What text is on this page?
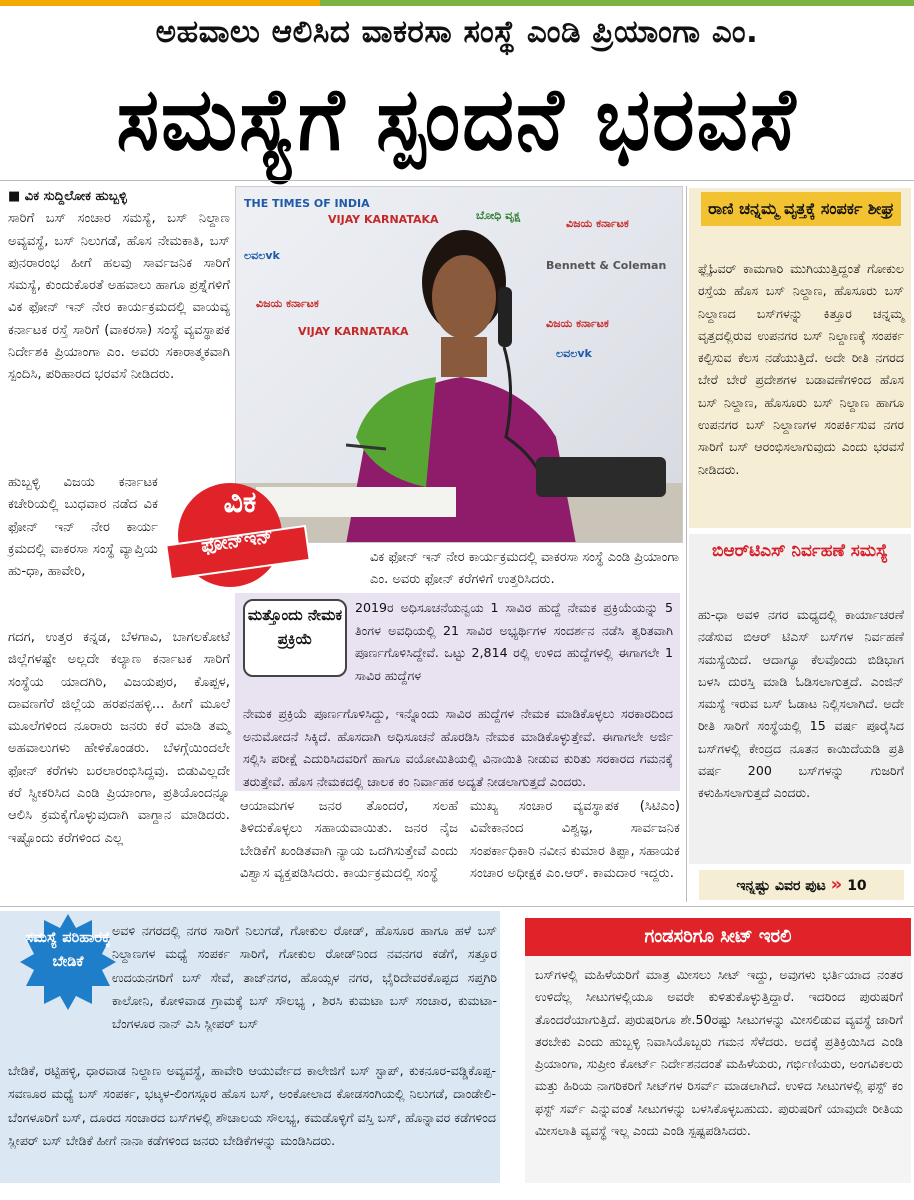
ಅಹವಾಲು ಆಲಿಸಿದ ವಾಕರಸಾ ಸಂಸ್ಥೆ ಎಂಡಿ ಪ್ರಿಯಾಂಗಾ ಎಂ.
ಸಮಸ್ಯೆಗೆ ಸ್ಪಂದನೆ ಭರವಸೆ
■ ವಿಕ ಸುದ್ದಿಲೋಕ ಹುಬ್ಬಳ್ಳಿ

ಸಾರಿಗೆ ಬಸ್ ಸಂಚಾರ ಸಮಸ್ಯೆ, ಬಸ್ ನಿಲ್ದಾಣ ಅವ್ಯವಸ್ಥೆ, ಬಸ್ ನಿಲುಗಡೆ, ಹೊಸ ನೇಮಕಾತಿ, ಬಸ್ ಪುನರಾರಂಭ ಹೀಗೆ ಹಲವು ಸಾರ್ವಜನಿಕ ಸಾರಿಗೆ ಸಮಸ್ಯೆ, ಕುಂದುಕೊರತೆ ಅಹವಾಲು ಹಾಗೂ ಪ್ರಶ್ನೆಗಳಿಗೆ ವಿಕ ಫೋನ್ ಇನ್ ನೇರ ಕಾರ್ಯಕ್ರಮದಲ್ಲಿ ವಾಯವ್ಯ ಕರ್ನಾಟಕ ರಸ್ತೆ ಸಾರಿಗೆ (ವಾಕರಸಾ) ಸಂಸ್ಥೆ ವ್ಯವಸ್ಥಾಪಕ ನಿರ್ದೇಶಕಿ ಪ್ರಿಯಾಂಗಾ ಎಂ. ಅವರು ಸಕಾರಾತ್ಮಕವಾಗಿ ಸ್ಪಂದಿಸಿ, ಪರಿಹಾರದ ಭರವಸೆ ನೀಡಿದರು.

ಹುಬ್ಬಳ್ಳಿ ವಿಜಯ ಕರ್ನಾಟಕ ಕಚೇರಿಯಲ್ಲಿ ಬುಧವಾರ ನಡೆದ ವಿಕ ಫೋನ್ ಇನ್ ನೇರ ಕಾರ್ಯ ಕ್ರಮದಲ್ಲಿ ವಾಕರಸಾ ಸಂಸ್ಥೆ ವ್ಯಾಪ್ತಿಯ ಹು-ಧಾ, ಹಾವೇರಿ,

ಗದಗ, ಉತ್ತರ ಕನ್ನಡ, ಬೆಳಗಾವಿ, ಬಾಗಲಕೋಟೆ ಜಿಲ್ಲೆಗಳಷ್ಟೇ ಅಲ್ಲದೇ ಕಲ್ಯಾಣ ಕರ್ನಾಟಕ ಸಾರಿಗೆ ಸಂಸ್ಥೆಯ ಯಾದಗಿರಿ, ವಿಜಯಪುರ, ಕೊಪ್ಪಳ, ದಾವಣಗೆರೆ ಜಿಲ್ಲೆಯ ಹರಪನಹಳ್ಳಿ... ಹೀಗೆ ಮೂಲೆ ಮೂಲೆಗಳಿಂದ ನೂರಾರು ಜನರು ಕರೆ ಮಾಡಿ ತಮ್ಮ ಅಹವಾಲುಗಳು ಹೇಳಿಕೊಂಡರು. ಬೆಳಗ್ಗೆಯಿಂದಲೇ ಫೋನ್ ಕರೆಗಳು ಬರಲಾರಂಭಿಸಿದ್ದವು. ಬಿಡುವಿಲ್ಲದೇ ಕರೆ ಸ್ವೀಕರಿಸಿದ ಎಂಡಿ ಪ್ರಿಯಾಂಗಾ, ಪ್ರತಿಯೊಂದನ್ನೂ ಆಲಿಸಿ ಕ್ರಮಕೈಗೊಳ್ಳುವುದಾಗಿ ವಾಗ್ದಾನ ಮಾಡಿದರು. ಇಷ್ಟೊಂದು ಕರೆಗಳಿಂದ ಎಲ್ಲ

THE TIMES OF INDIA
VIJAY KARNATAKA	ಬೋಧಿ ವೃಕ್ಷ
ವಿಜಯ ಕರ್ನಾಟಕ
ಲವಲvk
Bennett & Coleman
ವಿಜಯ ಕರ್ನಾಟಕ
VIJAY KARNATAKA
ವಿಜಯ ಕರ್ನಾಟಕ
ಲವಲvk
ವಿಕ
ಫೋನ್‌ಇನ್
ವಿಕ ಫೋನ್ ಇನ್ ನೇರ ಕಾರ್ಯಕ್ರಮದಲ್ಲಿ ವಾಕರಸಾ ಸಂಸ್ಥೆ ಎಂಡಿ ಪ್ರಿಯಾಂಗಾ ಎಂ. ಅವರು ಫೋನ್ ಕರೆಗಳಿಗೆ ಉತ್ತರಿಸಿದರು.
ರಾಣಿ ಚನ್ನಮ್ಮ ವೃತ್ತಕ್ಕೆ ಸಂಪರ್ಕ ಶೀಘ್ರ
ಫ್ಲೈಓವರ್ ಕಾಮಗಾರಿ ಮುಗಿಯುತ್ತಿದ್ದಂತೆ ಗೋಕುಲ ರಸ್ತೆಯ ಹೊಸ ಬಸ್ ನಿಲ್ದಾಣ, ಹೊಸೂರು ಬಸ್ ನಿಲ್ದಾಣದ ಬಸ್‌ಗಳನ್ನು ಕಿತ್ತೂರ ಚನ್ನಮ್ಮ ವೃತ್ತದಲ್ಲಿರುವ ಉಪನಗರ ಬಸ್ ನಿಲ್ದಾಣಕ್ಕೆ ಸಂಪರ್ಕ ಕಲ್ಪಿಸುವ ಕೆಲಸ ನಡೆಯುತ್ತಿದೆ. ಅದೇ ರೀತಿ ನಗರದ ಬೇರೆ ಬೇರೆ ಪ್ರದೇಶಗಳ ಬಡಾವಣೆಗಳಿಂದ ಹೊಸ ಬಸ್ ನಿಲ್ದಾಣ, ಹೊಸೂರು ಬಸ್ ನಿಲ್ದಾಣ ಹಾಗೂ ಉಪನಗರ ಬಸ್ ನಿಲ್ದಾಣಗಳ ಸಂಪರ್ಕಿಸುವ ನಗರ ಸಾರಿಗೆ ಬಸ್ ಆರಂಭಿಸಲಾಗುವುದು ಎಂದು ಭರವಸೆ ನೀಡಿದರು.
ಬಿಆರ್‌ಟಿಎಸ್ ನಿರ್ವಹಣೆ ಸಮಸ್ಯೆ
ಹು-ಧಾ ಅವಳಿ ನಗರ ಮಧ್ಯದಲ್ಲಿ ಕಾರ್ಯಾಚರಣೆ ನಡೆಸುವ ಬಿಆರ್ ಟಿಎಸ್ ಬಸ್‌ಗಳ ನಿರ್ವಹಣೆ ಸಮಸ್ಯೆಯಿದೆ. ಆದಾಗ್ಯೂ ಕೆಲವೊಂದು ಬಿಡಿಭಾಗ ಬಳಸಿ ದುರಸ್ತಿ ಮಾಡಿ ಓಡಿಸಲಾಗುತ್ತದೆ. ಎಂಜಿನ್ ಸಮಸ್ಯೆ ಇರುವ ಬಸ್ ಓಡಾಟ ನಿಲ್ಲಿಸಲಾಗಿದೆ. ಅದೇ ರೀತಿ ಸಾರಿಗೆ ಸಂಸ್ಥೆಯಲ್ಲಿ 15 ವರ್ಷ ಪೂರೈಸಿದ ಬಸ್‌ಗಳಲ್ಲಿ ಕೇಂದ್ರದ ನೂತನ ಕಾಯಿದೆಯಡಿ ಪ್ರತಿ ವರ್ಷ 200 ಬಸ್‌ಗಳನ್ನು ಗುಜರಿಗೆ ಕಳುಹಿಸಲಾಗುತ್ತದೆ ಎಂದರು.
ಇನ್ನಷ್ಟು ವಿವರ ಪುಟ » 10
ಮತ್ತೊಂದು ನೇಮಕ ಪ್ರಕ್ರಿಯೆ
2019ರ ಅಧಿಸೂಚನೆಯನ್ವಯ 1 ಸಾವಿರ ಹುದ್ದೆ ನೇಮಕ ಪ್ರಕ್ರಿಯೆಯನ್ನು 5 ತಿಂಗಳ ಅವಧಿಯಲ್ಲಿ 21 ಸಾವಿರ ಅಭ್ಯರ್ಥಿಗಳ ಸಂದರ್ಶನ ನಡೆಸಿ ತ್ವರಿತವಾಗಿ ಪೂರ್ಣಗೊಳಿಸಿದ್ದೇವೆ. ಒಟ್ಟು 2,814 ರಲ್ಲಿ ಉಳಿದ ಹುದ್ದೆಗಳಲ್ಲಿ ಈಗಾಗಲೇ 1 ಸಾವಿರ ಹುದ್ದೆಗಳ
ನೇಮಕ ಪ್ರಕ್ರಿಯೆ ಪೂರ್ಣಗೊಳಿಸಿದ್ದು, ಇನ್ನೊಂದು ಸಾವಿರ ಹುದ್ದೆಗಳ ನೇಮಕ ಮಾಡಿಕೊಳ್ಳಲು ಸರಕಾರದಿಂದ ಅನುಮೋದನೆ ಸಿಕ್ಕಿದೆ. ಹೊಸದಾಗಿ ಅಧಿಸೂಚನೆ ಹೊರಡಿಸಿ ನೇಮಕ ಮಾಡಿಕೊಳ್ಳುತ್ತೇವೆ. ಈಗಾಗಲೇ ಅರ್ಜಿ ಸಲ್ಲಿಸಿ ಪರೀಕ್ಷೆ ಎದುರಿಸಿದವರಿಗೆ ಹಾಗೂ ವಯೋಮಿತಿಯಲ್ಲಿ ವಿನಾಯಿತಿ ನೀಡುವ ಕುರಿತು ಸರಕಾರದ ಗಮನಕ್ಕೆ ತರುತ್ತೇವೆ. ಹೊಸ ನೇಮಕದಲ್ಲಿ ಚಾಲಕ ಕಂ ನಿರ್ವಾಹಕ ಅದ್ಯತೆ ನೀಡಲಾಗುತ್ತದೆ ಎಂದರು.
ಆಯಾಮಗಳ ಜನರ ತೊಂದರೆ, ಸಲಹೆ ತಿಳಿದುಕೊಳ್ಳಲು ಸಹಾಯವಾಯಿತು. ಜನರ ನೈಜ ಬೇಡಿಕೆಗೆ ಖಂಡಿತವಾಗಿ ನ್ಯಾಯ ಒದಗಿಸುತ್ತೇವೆ ಎಂದು ವಿಶ್ವಾಸ ವ್ಯಕ್ತಪಡಿಸಿದರು. ಕಾರ್ಯಕ್ರಮದಲ್ಲಿ ಸಂಸ್ಥೆ
ಮುಖ್ಯ ಸಂಚಾರ ವ್ಯವಸ್ಥಾಪಕ (ಸಿಟಿಎಂ) ವಿವೇಕಾನಂದ ವಿಶ್ವಜ್ಞ, ಸಾರ್ವಜನಿಕ ಸಂಪರ್ಕಾಧಿಕಾರಿ ನವೀನ ಕುಮಾರ ತಿಪ್ಪಾ, ಸಹಾಯಕ ಸಂಚಾರ ಅಧೀಕ್ಷಕ ಎಂ.ಆರ್. ಕಾಮದಾರ ಇದ್ದರು.
ಅವಳಿ ನಗರದಲ್ಲಿ ನಗರ ಸಾರಿಗೆ ನಿಲುಗಡೆ, ಗೋಕುಲ ರೋಡ್, ಹೊಸೂರ ಹಾಗೂ ಹಳೆ ಬಸ್ ನಿಲ್ದಾಣಗಳ ಮಧ್ಯೆ ಸಂಪರ್ಕ ಸಾರಿಗೆ, ಗೋಕುಲ ರೋಡ್‌ನಿಂದ ನವನಗರ ಕಡೆಗೆ, ಸತ್ತೂರ ಉದಯನಗರಿಗೆ ಬಸ್ ಸೇವೆ, ತಾಜ್‌ನಗರ, ಹೊಯ್ಸಳ ನಗರ, ಭೈರಿದೇವರಕೊಪ್ಪದ ಸಪ್ತಗಿರಿ ಕಾಲೋನಿ, ಕೋಳಿವಾಡ ಗ್ರಾಮಕ್ಕೆ ಬಸ್ ಸೌಲಭ್ಯ , ಶಿರಸಿ ಕುಮಟಾ ಬಸ್ ಸಂಚಾರ, ಕುಮಟಾ-ಬೆಂಗಳೂರ ನಾನ್ ಎಸಿ ಸ್ಲೀಪರ್ ಬಸ್
ಬೇಡಿಕೆ, ರಟ್ಟಿಹಳ್ಳಿ, ಧಾರವಾಡ ನಿಲ್ದಾಣ ಅವ್ಯವಸ್ಥೆ, ಹಾವೇರಿ ಆಯುರ್ವೇದ ಕಾಲೇಜಿಗೆ ಬಸ್ ಸ್ಟಾಪ್, ಕುಕನೂರ-ವಡ್ಡಿಕೊಪ್ಪ-ಸವಣೂರ ಮಧ್ಯೆ ಬಸ್ ಸಂಪರ್ಕ, ಭಟ್ಕಳ-ಲಿಂಗಸ್ಗೂರ ಹೊಸ ಬಸ್, ಅಂಕೋಲಾದ ಕೋಡಸಂಗಿಯಲ್ಲಿ ನಿಲುಗಡೆ, ದಾಂಡೇಲಿ-ಬೆಂಗಳೂರಿಗೆ ಬಸ್, ದೂರದ ಸಂಚಾರದ ಬಸ್‌ಗಳಲ್ಲಿ ಶೌಚಾಲಯ ಸೌಲಭ್ಯ, ಕಮಡೊಳ್ಳಿಗೆ ವಸ್ತಿ ಬಸ್, ಹೊನ್ನಾವರ ಕಡೆಗಳಿಂದ ಸ್ಲೀಪರ್ ಬಸ್ ಬೇಡಿಕೆ ಹೀಗೆ ನಾನಾ ಕಡೆಗಳಿಂದ ಜನರು ಬೇಡಿಕೆಗಳನ್ನು ಮಂಡಿಸಿದರು.
ಸಮಸ್ಯೆ ಪರಿಹಾರಕ್ಕೆ ಬೇಡಿಕೆ
ಗಂಡಸರಿಗೂ ಸೀಟ್ ಇರಲಿ
ಬಸ್‌ಗಳಲ್ಲಿ ಮಹಿಳೆಯರಿಗೆ ಮಾತ್ರ ಮೀಸಲು ಸೀಟ್ ಇದ್ದು, ಅವುಗಳು ಭರ್ತಿಯಾದ ನಂತರ ಉಳಿದೆಲ್ಲ ಸೀಟುಗಳಲ್ಲಿಯೂ ಅವರೇ ಕುಳಿತುಕೊಳ್ಳುತ್ತಿದ್ದಾರೆ. ಇದರಿಂದ ಪುರುಷರಿಗೆ ತೊಂದರೆಯಾಗುತ್ತಿದೆ. ಪುರುಷರಿಗೂ ಶೇ.50ರಷ್ಟು ಸೀಟುಗಳನ್ನು ಮೀಸಲಿಡುವ ವ್ಯವಸ್ಥೆ ಜಾರಿಗೆ ತರಬೇಕು ಎಂದು ಹುಬ್ಬಳ್ಳಿ ನಿವಾಸಿಯೊಬ್ಬರು ಗಮನ ಸೆಳೆದರು. ಅದಕ್ಕೆ ಪ್ರತಿಕ್ರಿಯಿಸಿದ ಎಂಡಿ ಪ್ರಿಯಾಂಗಾ, ಸುಪ್ರೀಂ ಕೋರ್ಟ್ ನಿರ್ದೇಶನದಂತೆ ಮಹಿಳೆಯರು, ಗರ್ಭಿಣಿಯರು, ಅಂಗವಿಕಲರು ಮತ್ತು ಹಿರಿಯ ನಾಗರಿಕರಿಗೆ ಸೀಟ್‌ಗಳ ರಿಸರ್ವ್ ಮಾಡಲಾಗಿದೆ. ಉಳಿದ ಸೀಟುಗಳಲ್ಲಿ ಫಸ್ಟ್ ಕಂ ಫಸ್ಟ್ ಸರ್ವ್ ಎನ್ನುವಂತೆ ಸೀಟುಗಳನ್ನು ಬಳಸಿಕೊಳ್ಳಬಹುದು. ಪುರುಷರಿಗೆ ಯಾವುದೇ ರೀತಿಯ ಮೀಸಲಾತಿ ವ್ಯವಸ್ಥೆ ಇಲ್ಲ ಎಂದು ಎಂಡಿ ಸ್ಪಷ್ಟಪಡಿಸಿದರು.
